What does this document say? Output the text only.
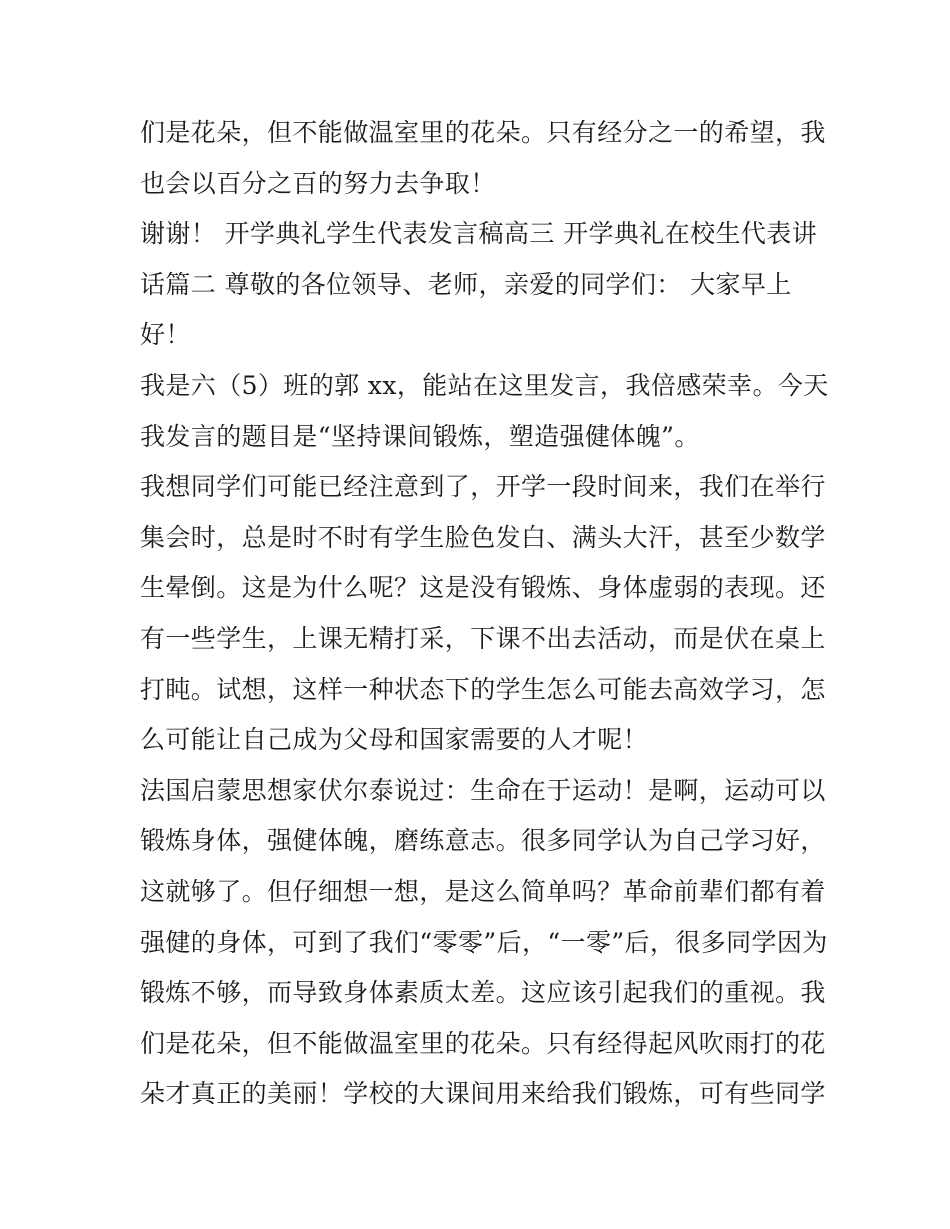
们是花朵，但不能做温室里的花朵。只有经分之一的希望，我
也会以百分之百的努力去争取！
谢谢！ 开学典礼学生代表发言稿高三 开学典礼在校生代表讲
话篇二 尊敬的各位领导、老师，亲爱的同学们： 大家早上
好！
我是六（5）班的郭 xx，能站在这里发言，我倍感荣幸。今天
我发言的题目是“坚持课间锻炼，塑造强健体魄”。
我想同学们可能已经注意到了，开学一段时间来，我们在举行
集会时，总是时不时有学生脸色发白、满头大汗，甚至少数学
生晕倒。这是为什么呢？这是没有锻炼、身体虚弱的表现。还
有一些学生，上课无精打采，下课不出去活动，而是伏在桌上
打盹。试想，这样一种状态下的学生怎么可能去高效学习，怎
么可能让自己成为父母和国家需要的人才呢！
法国启蒙思想家伏尔泰说过：生命在于运动！是啊，运动可以
锻炼身体，强健体魄，磨练意志。很多同学认为自己学习好，
这就够了。但仔细想一想，是这么简单吗？革命前辈们都有着
强健的身体，可到了我们“零零”后，“一零”后，很多同学因为
锻炼不够，而导致身体素质太差。这应该引起我们的重视。我
们是花朵，但不能做温室里的花朵。只有经得起风吹雨打的花
朵才真正的美丽！学校的大课间用来给我们锻炼，可有些同学
